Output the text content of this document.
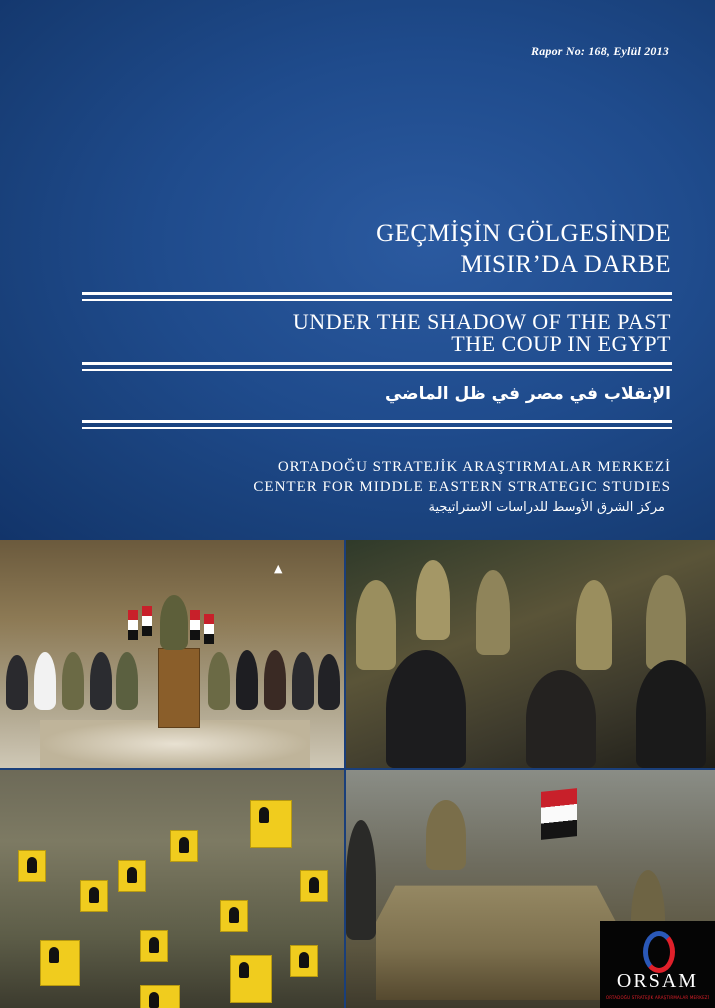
Rapor No: 168, Eylül 2013
GEÇMİŞİN GÖLGESİNDE
MISIR’DA DARBE
UNDER THE SHADOW OF THE PAST
THE COUP IN EGYPT
الإنقلاب في مصر في ظل الماضي
ORTADOĞU STRATEJİK ARAŞTIRMALAR MERKEZİ
CENTER FOR MIDDLE EASTERN STRATEGIC STUDIES
مركز الشرق الأوسط للدراسات الاستراتيجية
▲
ORSAM
ORTADOĞU STRATEJİK ARAŞTIRMALAR MERKEZİ
